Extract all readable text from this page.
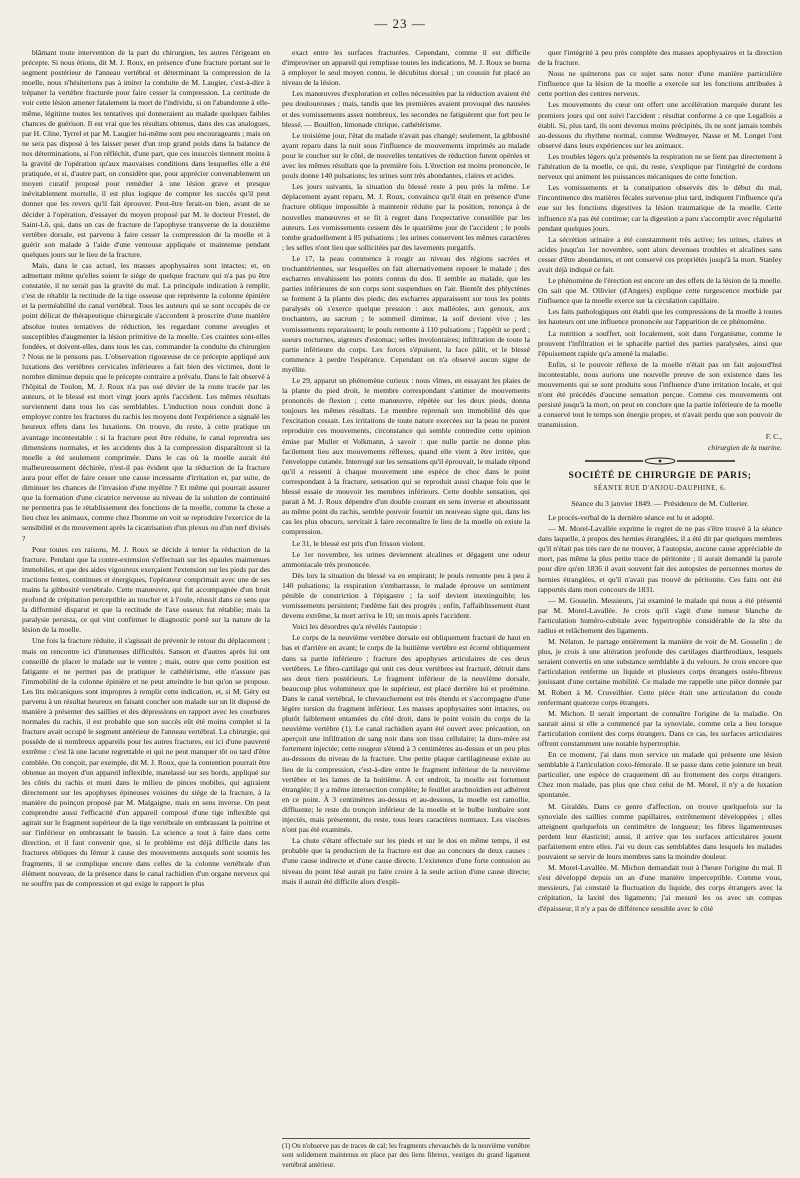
— 23 —

blâmant toute intervention de la part du chirurgien, les autres l'érigeant en précepte. Si nous étions, dit M. J. Roux, en présence d'une fracture portant sur le segment postérieur de l'anneau vertébral et déterminant la compression de la moelle, nous n'hésiterions pas à imiter la conduite de M. Laugier, c'est-à-dire à trépaner la vertèbre fracturée pour faire cesser la compression. La certitude de voir cette lésion amener fatalement la mort de l'individu, si on l'abandonne à elle-même, légitime toutes les tentatives qui donneraient au malade quelques faibles chances de guérison. Il est vrai que les résultats obtenus, dans des cas analogues, par H. Cline, Tyrrel et par M. Laugier lui-même sont peu encourageants ; mais on ne sera pas disposé à les laisser peser d'un trop grand poids dans la balance de nos déterminations, si l'on réfléchit, d'une part, que ces insuccès tiennent moins à la gravité de l'opération qu'aux mauvaises conditions dans lesquelles elle a été pratiquée, et si, d'autre part, on considère que, pour apprécier convenablement un moyen curatif proposé pour remédier à une lésion grave et presque inévitablement mortelle, il est plus logique de compter les succès qu'il peut donner que les revers qu'il fait éprouver. Peut-être ferait-on bien, avant de se décider à l'opération, d'essayer du moyen proposé par M. le docteur Frestel, de Saint-Lô, qui, dans un cas de fracture de l'apophyse transverse de la douzième vertèbre dorsale, est parvenu à faire cesser la compression de la moelle et à guérir son malade à l'aide d'une ventouse appliquée et maintenue pendant quelques jours sur le lieu de la fracture.

Mais, dans le cas actuel, les masses apophysaires sont intactes; et, en admettant même qu'elles soient le siége de quelque fracture qui n'a pas pu être constatée, il ne serait pas la gravité du mal. La principale indication à remplir, c'est de rétablir la rectitude de la tige osseuse que représente la colonne épinière et la perméabilité du canal vertébral. Tous les auteurs qui se sont occupés de ce point délicat de thérapeutique chirurgicale s'accordent à proscrire d'une manière absolue toutes tentatives de réduction, les regardant comme aveugles et susceptibles d'augmenter la lésion primitive de la moelle. Ces craintes sont-elles fondées, et doivent-elles, dans tous les cas, commander la conduite du chirurgien ? Nous ne le pensons pas. L'observation rigoureuse de ce précepte appliqué aux luxations des vertèbres cervicales inférieures a fait bien des victimes, dont le nombre diminue depuis que le précepte contraire a prévalu. Dans le fait observé à l'hôpital de Toulon, M. J. Roux n'a pas osé dévier de la route tracée par les auteurs, et le blessé est mort vingt jours après l'accident. Les mêmes résultats surviennent dans tous les cas semblables. L'induction nous conduit donc à employer contre les fractures du rachis les moyens dont l'expérience a signalé les heureux effets dans les luxations. On trouve, du reste, à cette pratique un avantage incontestable : si la fracture peut être réduite, le canal reprendra ses dimensions normales, et les accidents dus à la compression disparaîtront si la moelle a été seulement comprimée. Dans le cas où la moelle aurait été malheureusement déchirée, n'est-il pas évident que la réduction de la fracture aura pour effet de faire cesser une cause incessante d'irritation et, par suite, de diminuer les chances de l'invasion d'une myélite ? Et même qui pourrait assurer que la formation d'une cicatrice nerveuse au niveau de la solution de continuité ne permettra pas le rétablissement des fonctions de la moelle, comme la chose a lieu chez les animaux, comme chez l'homme on voit se reproduire l'exercice de la sensibilité et du mouvement après la cicatrisation d'un plexus ou d'un nerf divisés ?

Pour toutes ces raisons, M. J. Roux se décide à tenter la réduction de la fracture. Pendant que la contre-extension s'effectuait sur les épaules maintenues immobiles, et que des aides vigoureux exerçaient l'extension sur les pieds par des tractions lentes, continues et énergiques, l'opérateur comprimait avec une de ses mains la gibbosité vertébrale. Cette manœuvre, qui fut accompagnée d'un bruit profond de crépitation perceptible au toucher et à l'ouïe, réussit dans ce sens que la difformité disparut et que la rectitude de l'axe osseux fut rétablie; mais la paralysie persista, ce qui vint confirmer le diagnostic porté sur la nature de la lésion de la moelle.

Une fois la fracture réduite, il s'agissait de prévenir le retour du déplacement ; mais on rencontre ici d'immenses difficultés. Sanson et d'autres après lui ont conseillé de placer le malade sur le ventre ; mais, outre que cette position est fatigante et ne permet pas de pratiquer le cathétérisme, elle n'assure pas l'immobilité de la colonne épinière et ne peut atteindre le but qu'on se propose. Les lits mécaniques sont impropres à remplir cette indication, et, si M. Géry est parvenu à un résultat heureux en faisant coucher son malade sur un lit disposé de manière à présenter des saillies et des dépressions en rapport avec les courbures normales du rachis, il est probable que son succès eût été moins complet si la fracture avait occupé le segment antérieur de l'anneau vertébral. La chirurgie, qui possède de si nombreux appareils pour les autres fractures, est ici d'une pauvreté extrême : c'est là une lacune regrettable et qui ne peut manquer tôt ou tard d'être comblée. On conçoit, par exemple, dit M. J. Roux, que la contention pourrait être obtenue au moyen d'un appareil inflexible, matelassé sur ses bords, appliqué sur les côtés du rachis et muni dans le milieu de pinces mobiles, qui agiraient directement sur les apophyses épineuses voisines du siége de la fracture, à la manière du poinçon proposé par M. Malgaigne, mais en sens inverse. On peut comprendre aussi l'efficacité d'un appareil composé d'une tige inflexible qui agirait sur le fragment supérieur de la tige vertébrale en embrassant la poitrine et sur l'inférieur en embrassant le bassin. La science a tout à faire dans cette direction, et il faut convenir que, si le problème est déjà difficile dans les fractures obliques du fémur à cause des mouvements auxquels sont soumis les fragments, il se complique encore dans celles de la colonne vertébrale d'un élément nouveau, de la présence dans le canal rachidien d'un organe nerveux qui ne souffre pas de compression et qui exige le rapport le plus

exact entre les surfaces fracturées. Cependant, comme il est difficile d'improviser un appareil qui remplisse toutes les indications, M. J. Roux se borna à employer le seul moyen connu, le décubitus dorsal ; un coussin fut placé au niveau de la lésion.

Les manœuvres d'exploration et celles nécessitées par la réduction avaient été peu douloureuses ; mais, tandis que les premières avaient provoqué des nausées et des vomissements assez nombreux, les secondes ne fatiguèrent que fort peu le blessé. — Bouillon, limonade citrique, cathétérisme.

Le troisième jour, l'état du malade n'avait pas changé; seulement, la gibbosité ayant reparu dans la nuit sous l'influence de mouvements imprimés au malade pour le coucher sur le côté, de nouvelles tentatives de réduction furent opérées et avec les mêmes résultats que la première fois. L'érection est moins prononcée, le pouls donne 140 pulsations; les urines sont très abondantes, claires et acides.

Les jours suivants, la situation du blessé reste à peu près la même. Le déplacement ayant reparu, M. J. Roux, convaincu qu'il était en présence d'une fracture oblique impossible à maintenir réduite par la position, renonça à de nouvelles manœuvres et se fit à regret dans l'expectative conseillée par les auteurs. Les vomissements cessent dès le quatrième jour de l'accident ; le pouls tombe graduellement à 85 pulsations ; les urines conservent les mêmes caractères ; les selles n'ont lieu que sollicitées par des lavements purgatifs.

Le 17, la peau commence à rougir au niveau des régions sacrées et trochantériennes, sur lesquelles on fait alternativement reposer le malade ; des escharres envahissent les points contus du dos. Il semble au malade, que les parties inférieures de son corps sont suspendues en l'air. Bientôt des phlyctènes se forment à la plante des pieds; des escharres apparaissent sur tous les points paralysés où s'exerce quelque pression : aux malléoles, aux genoux, aux trochanters, au sacrum ; le sommeil diminue, la soif devient vive ; les vomissements reparaissent; le pouls remonte à 110 pulsations ; l'appétit se perd ; sueurs nocturnes, aigreurs d'estomac; selles involontaires; infiltration de toute la partie inférieure du corps. Les forces s'épuisent, la face pâlit, et le blessé commence à perdre l'espérance. Cependant on n'a observé aucun signe de myélite.

Le 29, apparut un phénomène curieux : nous vîmes, en essayant les plaies de la plante du pied droit, le membre correspondant s'animer de mouvements prononcés de flexion ; cette manœuvre, répétée sur les deux pieds, donna toujours les mêmes résultats. Le membre reprenait son immobilité dès que l'excitation cessait. Les irritations de toute nature exercées sur la peau ne purent reproduire ces mouvements, circonstance qui semble contredire cette opinion émise par Muller et Volkmann, à savoir : que nulle partie ne donne plus facilement lieu aux mouvements réflexes, quand elle vient à être irritée, que l'enveloppe cutanée. Interrogé sur les sensations qu'il éprouvait, le malade répond qu'il a ressenti à chaque mouvement une espèce de choc dans le point correspondant à la fracture, sensation qui se reproduit aussi chaque fois que le blessé essaie de mouvoir les membres inférieurs. Cette double sensation, qui parait à M. J. Roux dépendre d'un double courant en sens inverse et aboutissant au même point du rachis, semble pouvoir fournir un nouveau signe qui, dans les cas les plus obscurs, servirait à faire reconnaître le lieu de la moelle où existe la compression.

Le 31, le blessé est pris d'un frisson violent.

Le 1er novembre, les urines deviennent alcalines et dégagent une odeur ammoniacale très prononcée.

Dès lors la situation du blessé va en empirant; le pouls remonte peu à peu à 140 pulsations; la respiration s'embarrasse, le malade éprouve un sentiment pénible de constriction à l'épigastre ; la soif devient inextinguible; les vomissements persistent; l'œdème fait des progrès ; enfin, l'affaiblissement étant devenu extrême, la mort arriva le 10; un mois après l'accident.

Voici les désordres qu'a révélés l'autopsie :

Le corps de la neuvième vertèbre dorsale est obliquement fracturé de haut en bas et d'arrière en avant; le corps de la huitième vertèbre est écorné obliquement dans sa partie inférieure ; fracture des apophyses articulaires de ces deux vertèbres. Le fibro-cartilage qui unit ces deux vertèbres est fracturé, détruit dans ses deux tiers postérieurs. Le fragment inférieur de la neuvième dorsale, beaucoup plus volumineux que le supérieur, est placé derrière lui et proémine. Dans le canal vertébral, le chevauchement est très étendu et s'accompagne d'une légère torsion du fragment inférieur. Les masses apophysaires sont intactes, ou plutôt faiblement entamées du côté droit, dans le point voisin du corps de la neuvième vertèbre (1). Le canal rachidien ayant été ouvert avec précaution, on aperçoit une infiltration de sang noir dans son tissu cellulaire; la dure-mère est fortement injectée; cette rougeur s'étend à 3 centimètres au-dessus et un peu plus au-dessous du niveau de la fracture. Une petite plaque cartilagineuse existe au lieu de la compression, c'est-à-dire entre le fragment inférieur de la neuvième vertèbre et les lames de la huitième. À cet endroit, la moelle est fortement étranglée; il y a même intersection complète; le feuillet arachnoïdien est adhérent en ce point. À 3 centimètres au-dessus et au-dessous, la moelle est ramollie, diffluente; le reste du tronçon inférieur de la moelle et le bulbe lombaire sont injectés, mais présentent, du reste, tous leurs caractères normaux. Les viscères n'ont pas été examinés.

La chute s'étant effectuée sur les pieds et sur le dos en même temps, il est probable que la production de la fracture est due au concours de deux causes : d'une cause indirecte et d'une cause directe. L'existence d'une forte contusion au niveau du point lésé aurait pu faire croire à la seule action d'une cause directe; mais il aurait été difficile alors d'expli-

(1) On n'observe pas de traces de cal; les fragments chevauchés de la neuvième vertèbre sont solidement maintenus en place par des liens fibreux, vestiges du grand ligament vertébral antérieur.

quer l'intégrité à peu près complète des masses apophysaires et la direction de la fracture.

Nous ne quitterons pas ce sujet sans noter d'une manière particulière l'influence que la lésion de la moelle a exercée sur les fonctions attribuées à cette portion des centres nerveux.

Les mouvements du cœur ont offert une accélération marquée durant les premiers jours qui ont suivi l'accident : résultat conforme à ce que Legallois a établi. Si, plus tard, ils sont devenus moins précipités, ils ne sont jamais tombés au-dessous du rhythme normal, comme Wedmeyer, Nasse et M. Longet l'ont observé dans leurs expériences sur les animaux.

Les troubles légers qu'a présentés la respiration ne se lient pas directement à l'altération de la moelle, ce qui, du reste, s'explique par l'intégrité de cordons nerveux qui animent les puissances mécaniques de cette fonction.

Les vomissements et la constipation observés dès le début du mal, l'incontinence des matières fécales survenue plus tard, indiquent l'influence qu'a eue sur les fonctions digestives la lésion traumatique de la moelle. Cette influence n'a pas été continue; car la digestion a paru s'accomplir avec régularité pendant quelques jours.

La sécrétion urinaire a été constamment très active; les urines, claires et acides jusqu'au 1er novembre, sont alors devenues troubles et alcalines sans cesser d'être abondantes, et ont conservé ces propriétés jusqu'à la mort. Stanley avait déjà indiqué ce fait.

Le phénomène de l'érection est encore un des effets de la lésion de la moelle. On sait que M. Ollivier (d'Angers) explique cette turgescence morbide par l'influence que la moelle exerce sur la circulation capillaire.

Les faits pathologiques ont établi que les compressions de la moelle à toutes les hauteurs ont une influence prononcée sur l'apparition de ce phénomène.

La nutrition a souffert, soit localement, soit dans l'organisme, comme le prouvent l'infiltration et le sphacèle partiel des parties paralysées, ainsi que l'épuisement rapide qu'a amené la maladie.

Enfin, si le pouvoir réflexe de la moelle n'était pas un fait aujourd'hui incontestable, nous aurions une nouvelle preuve de son existence dans les mouvements qui se sont produits sous l'influence d'une irritation locale, et qui n'ont été précédés d'aucune sensation perçue. Comme ces mouvements ont persisté jusqu'à la mort, on peut en conclure que la partie inférieure de la moelle a conservé tout le temps son énergie propre, et n'avait perdu que son pouvoir de transmission.

F. C.,
chirurgien de la marine.
SOCIÉTÉ DE CHIRURGIE DE PARIS;
SÉANTE RUE D'ANJOU-DAUPHINE, 6.
Séance du 3 janvier 1849. — Présidence de M. Cullerier.

Le procès-verbal de la dernière séance est lu et adopté.

— M. Morel-Lavallée exprime le regret de ne pas s'être trouvé à la séance dans laquelle, à propos des hernies étranglées, il a été dit par quelques membres qu'il n'était pas très rare de ne trouver, à l'autopsie, aucune cause appréciable de mort, pas même la plus petite trace de péritonite ; il aurait demandé la parole pour dire qu'en 1836 il avait souvent fait des autopsies de personnes mortes de hernies étranglées, et qu'il n'avait pas trouvé de péritonite. Ces faits ont été rapportés dans mon concours de 1831.

— M. Gosselin. Messieurs, j'ai examiné le malade qui nous a été présenté par M. Morel-Lavallée. Je crois qu'il s'agit d'une tumeur blanche de l'articulation huméro-cubitale avec hypertrophie considérable de la tête du radius et relâchement des ligaments.

M. Nélaton. Je partage entièrement la manière de voir de M. Gosselin ; de plus, je crois à une altération profonde des cartilages diarthrodiaux, lesquels seraient convertis en une substance semblable à du velours. Je crois encore que l'articulation renferme un liquide et plusieurs corps étrangers ostéo-fibreux jouissant d'une certaine mobilité. Ce malade me rappelle une pièce donnée par M. Robert à M. Cruveilhier. Cette pièce était une articulation du coude renfermant quatorze corps étrangers.

M. Michon. Il serait important de connaître l'origine de la maladie. On saurait ainsi si elle a commencé par la synoviale, comme cela a lieu lorsque l'articulation contient des corps étrangers. Dans ce cas, les surfaces articulaires offrent constamment une notable hypertrophie.

En ce moment, j'ai dans mon service un malade qui présente une lésion semblable à l'articulation coxo-fémorale. Il se passe dans cette jointure un bruit particulier, une espèce de craquement dû au frottement des corps étrangers. Chez mon malade, pas plus que chez celui de M. Morel, il n'y a de luxation spontanée.

M. Giraldès. Dans ce genre d'affection, on trouve quelquefois sur la synoviale des saillies comme papillaires, extrêmement développées ; elles atteignent quelquefois un centimètre de longueur; les fibres ligamenteuses perdent leur élasticité; aussi, il arrive que les surfaces articulaires jouent parfaitement entre elles. J'ai vu deux cas semblables dans lesquels les malades pouvaient se servir de leurs membres sans la moindre douleur.

M. Morel-Lavallée. M. Michon demandait tout à l'heure l'origine du mal. Il s'est développé depuis un an d'une manière imperceptible. Comme vous, messieurs, j'ai constaté la fluctuation du liquide, des corps étrangers avec la crépitation, la laxité des ligaments; j'ai mesuré les os avec un compas d'épaisseur, il n'y a pas de différence sensible avec le côté
